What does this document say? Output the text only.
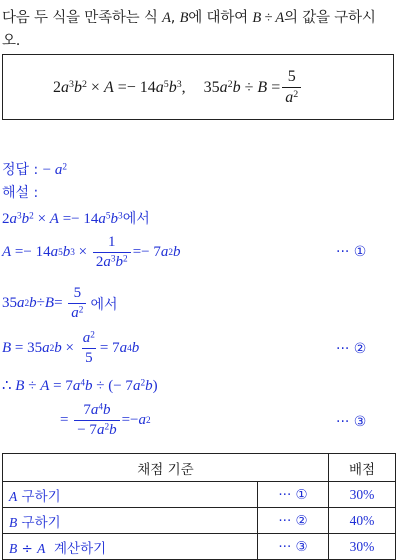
다음 두 식을 만족하는 식 A, B에 대하여 B ÷ A의 값을 구하시
오.
$2a^3b^2 \times A =- 14a^5b^3$ , $35a^2b \div B = \frac{5}{a^2}$
정답 : − $a^2$
해설 :
$2a^3b^2 \times A =- 14a^5b^3$에서
A =− 14 a 5 b $3 \times \frac{1}{2a^3b^2} =- 7$ a 2 b	··· ①
35 a 2 $b \div B = \frac{5}{a^2}$ 에서
B = 35 a 2 $b \times \frac{a^2}{5} = 7$ a 4 b	··· ②
∴ $B \div A = 7a^4b$ ÷ (− $7a^2b$)
= $\frac{7a^4b}{- 7a^2b} =- a$ 2	··· ③
채점 기준		배점
A 구하기	··· ①	30%
B 구하기	··· ②	40%
B ÷ A  계산하기	··· ③	30%
